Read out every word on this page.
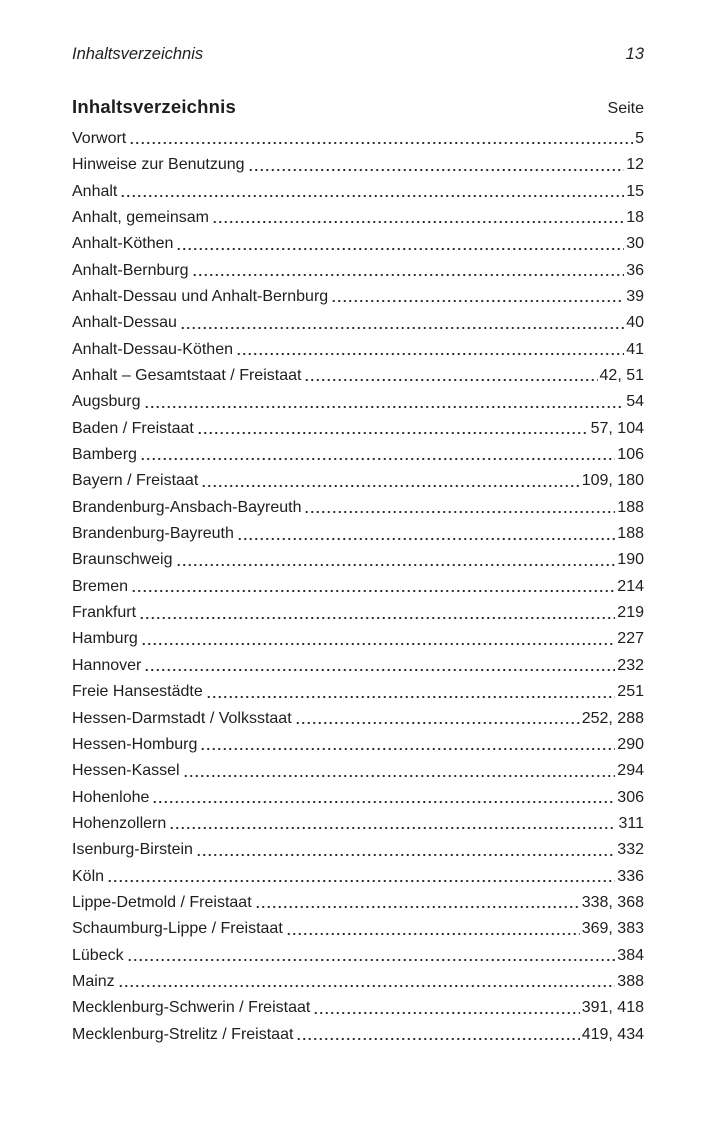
Inhaltsverzeichnis	13
Inhaltsverzeichnis	Seite
Vorwort	5
Hinweise zur Benutzung	12
Anhalt	15
Anhalt, gemeinsam	18
Anhalt-Köthen	30
Anhalt-Bernburg	36
Anhalt-Dessau und Anhalt-Bernburg	39
Anhalt-Dessau	40
Anhalt-Dessau-Köthen	41
Anhalt – Gesamtstaat / Freistaat	42, 51
Augsburg	54
Baden / Freistaat	57, 104
Bamberg	106
Bayern / Freistaat	109, 180
Brandenburg-Ansbach-Bayreuth	188
Brandenburg-Bayreuth	188
Braunschweig	190
Bremen	214
Frankfurt	219
Hamburg	227
Hannover	232
Freie Hansestädte	251
Hessen-Darmstadt / Volksstaat	252, 288
Hessen-Homburg	290
Hessen-Kassel	294
Hohenlohe	306
Hohenzollern	311
Isenburg-Birstein	332
Köln	336
Lippe-Detmold / Freistaat	338, 368
Schaumburg-Lippe / Freistaat	369, 383
Lübeck	384
Mainz	388
Mecklenburg-Schwerin / Freistaat	391, 418
Mecklenburg-Strelitz / Freistaat	419, 434
